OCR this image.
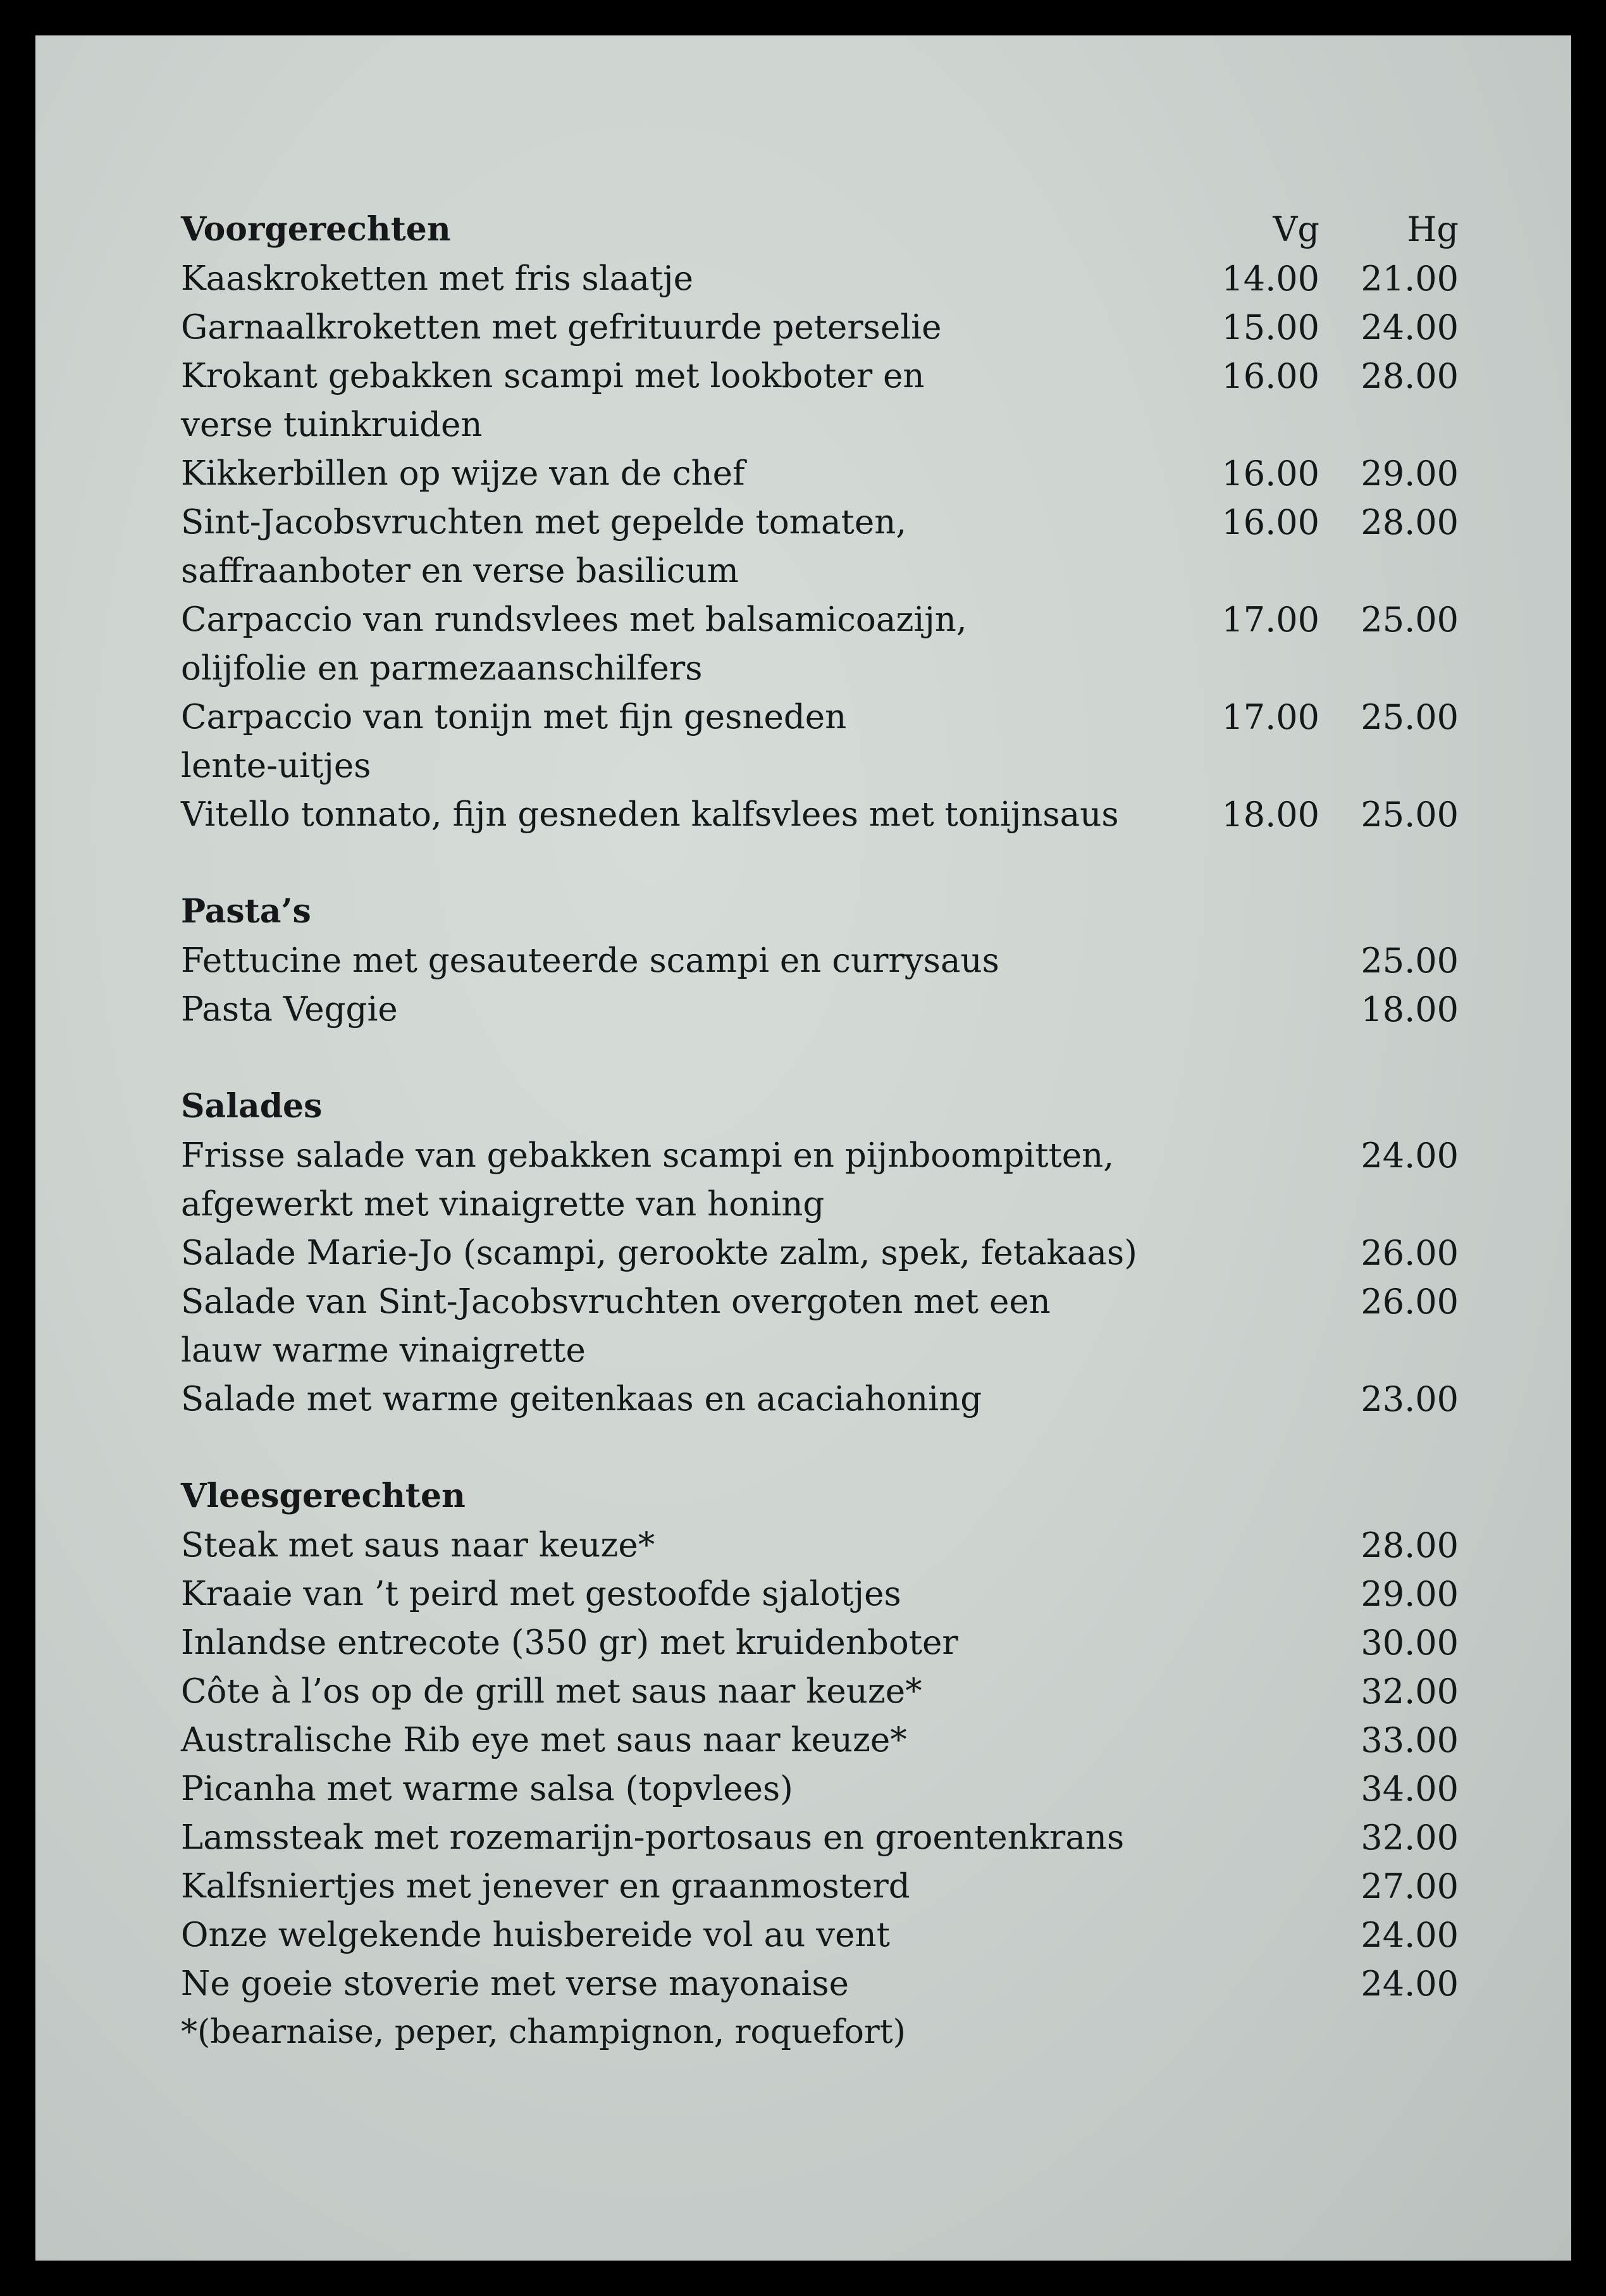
Voorgerechten	Vg	Hg
Kaaskroketten met fris slaatje	14.00	21.00
Garnaalkroketten met gefrituurde peterselie	15.00	24.00
Krokant gebakken scampi met lookboter en
verse tuinkruiden
16.00	28.00
Kikkerbillen op wijze van de chef	16.00	29.00
Sint-Jacobsvruchten met gepelde tomaten,
saffraanboter en verse basilicum
16.00	28.00
Carpaccio van rundsvlees met balsamicoazijn,
olijfolie en parmezaanschilfers
17.00	25.00
Carpaccio van tonijn met fijn gesneden
lente-uitjes
17.00	25.00
Vitello tonnato, fijn gesneden kalfsvlees met tonijnsaus	18.00	25.00
Pasta’s
Fettucine met gesauteerde scampi en currysaus	25.00
Pasta Veggie	18.00
Salades
Frisse salade van gebakken scampi en pijnboompitten,
afgewerkt met vinaigrette van honing
24.00
Salade Marie-Jo (scampi, gerookte zalm, spek, fetakaas)	26.00
Salade van Sint-Jacobsvruchten overgoten met een
lauw warme vinaigrette
26.00
Salade met warme geitenkaas en acaciahoning	23.00
Vleesgerechten
Steak met saus naar keuze*	28.00
Kraaie van ’t peird met gestoofde sjalotjes	29.00
Inlandse entrecote (350 gr) met kruidenboter	30.00
Côte à l’os op de grill met saus naar keuze*	32.00
Australische Rib eye met saus naar keuze*	33.00
Picanha met warme salsa (topvlees)	34.00
Lamssteak met rozemarijn-portosaus en groentenkrans	32.00
Kalfsniertjes met jenever en graanmosterd	27.00
Onze welgekende huisbereide vol au vent	24.00
Ne goeie stoverie met verse mayonaise	24.00
*(bearnaise, peper, champignon, roquefort)
